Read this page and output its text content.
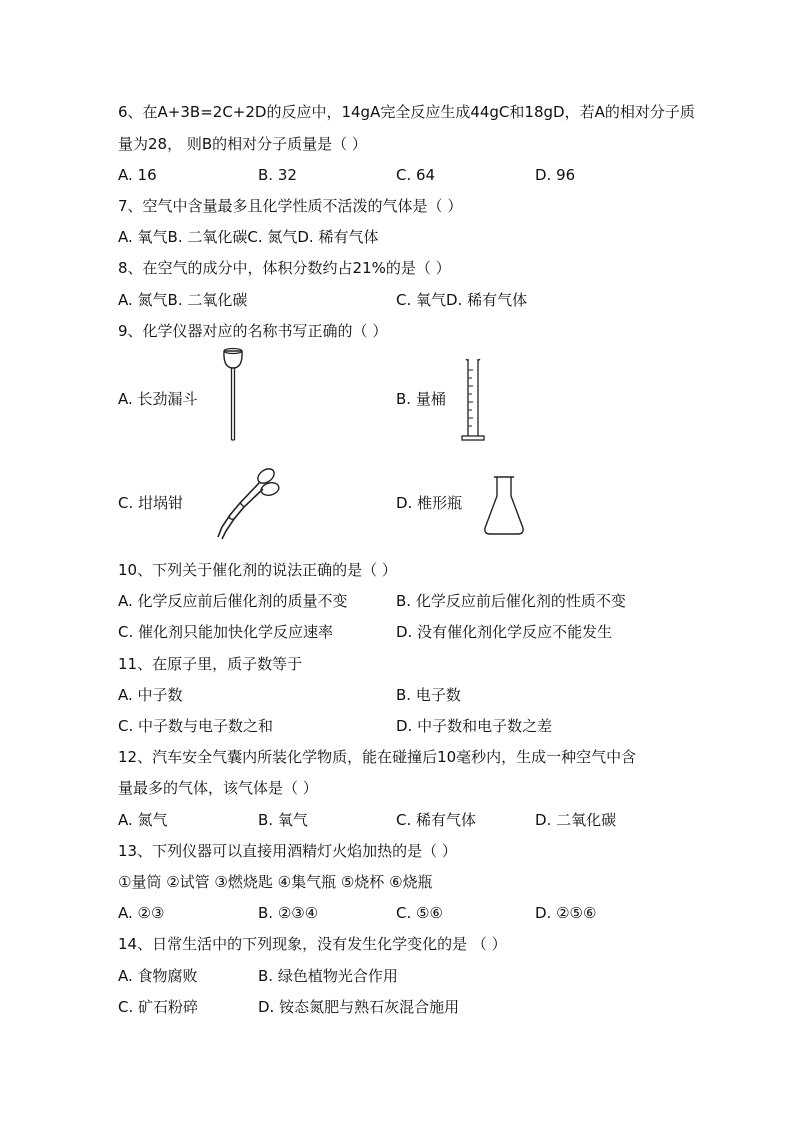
6、在A+3B=2C+2D的反应中，14gA完全反应生成44gC和18gD，若A的相对分子质
量为28， 则B的相对分子质量是（ ）
A. 16	B. 32	C. 64	D. 96
7、空气中含量最多且化学性质不活泼的气体是（ ）
A. 氧气B. 二氧化碳C. 氮气D. 稀有气体
8、在空气的成分中，体积分数约占21%的是（ ）
A. 氮气B. 二氧化碳	C. 氧气D. 稀有气体
9、化学仪器对应的名称书写正确的（ ）
A. 长劲漏斗	B. 量桶
C. 坩埚钳	D. 椎形瓶
10、下列关于催化剂的说法正确的是（ ）
A. 化学反应前后催化剂的质量不变	B. 化学反应前后催化剂的性质不变
C. 催化剂只能加快化学反应速率	D. 没有催化剂化学反应不能发生
11、在原子里，质子数等于
A. 中子数	B. 电子数
C. 中子数与电子数之和	D. 中子数和电子数之差
12、汽车安全气囊内所装化学物质，能在碰撞后10毫秒内，生成一种空气中含
量最多的气体，该气体是（ ）
A. 氮气	B. 氧气	C. 稀有气体	D. 二氧化碳
13、下列仪器可以直接用酒精灯火焰加热的是（ ）
①量筒 ②试管 ③燃烧匙 ④集气瓶 ⑤烧杯 ⑥烧瓶
A. ②③	B. ②③④	C. ⑤⑥	D. ②⑤⑥
14、日常生活中的下列现象，没有发生化学变化的是 （ ）
A. 食物腐败	B. 绿色植物光合作用
C. 矿石粉碎	D. 铵态氮肥与熟石灰混合施用
